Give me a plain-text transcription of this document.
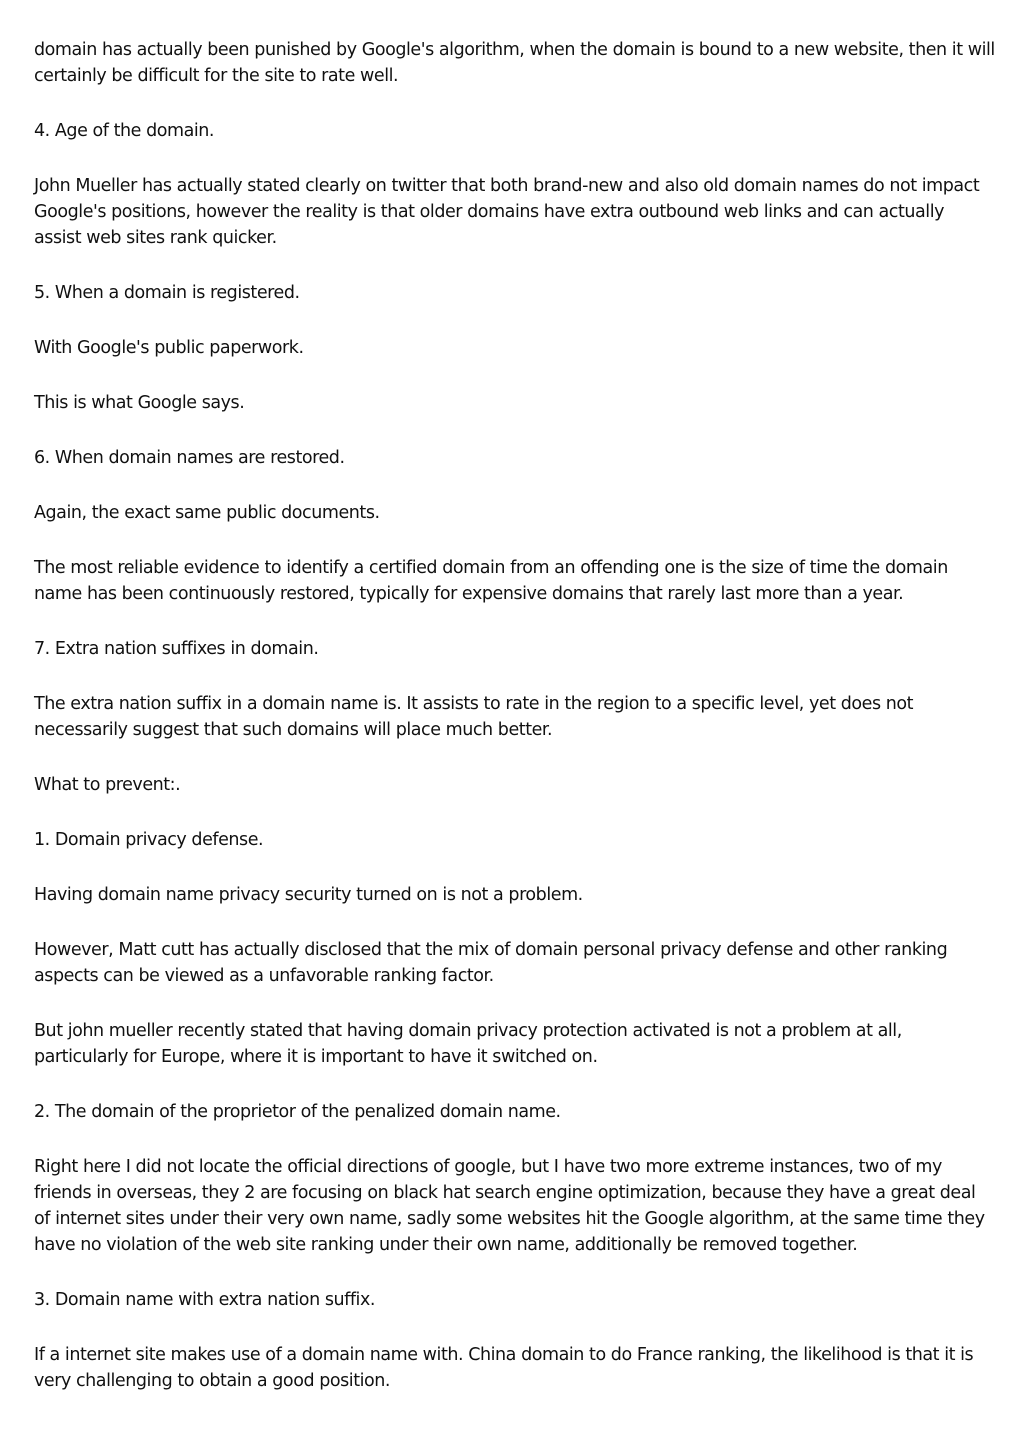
domain has actually been punished by Google's algorithm, when the domain is bound to a new website, then it will certainly be difficult for the site to rate well.

4. Age of the domain.

John Mueller has actually stated clearly on twitter that both brand-new and also old domain names do not impact Google's positions, however the reality is that older domains have extra outbound web links and can actually assist web sites rank quicker.

5. When a domain is registered.

With Google's public paperwork.

This is what Google says.

6. When domain names are restored.

Again, the exact same public documents.

The most reliable evidence to identify a certified domain from an offending one is the size of time the domain name has been continuously restored, typically for expensive domains that rarely last more than a year.

7. Extra nation suffixes in domain.

The extra nation suffix in a domain name is. It assists to rate in the region to a specific level, yet does not necessarily suggest that such domains will place much better.

What to prevent:.

1. Domain privacy defense.

Having domain name privacy security turned on is not a problem.

However, Matt cutt has actually disclosed that the mix of domain personal privacy defense and other ranking aspects can be viewed as a unfavorable ranking factor.

But john mueller recently stated that having domain privacy protection activated is not a problem at all, particularly for Europe, where it is important to have it switched on.

2. The domain of the proprietor of the penalized domain name.

Right here I did not locate the official directions of google, but I have two more extreme instances, two of my friends in overseas, they 2 are focusing on black hat search engine optimization, because they have a great deal of internet sites under their very own name, sadly some websites hit the Google algorithm, at the same time they have no violation of the web site ranking under their own name, additionally be removed together.

3. Domain name with extra nation suffix.

If a internet site makes use of a domain name with. China domain to do France ranking, the likelihood is that it is very challenging to obtain a good position.
